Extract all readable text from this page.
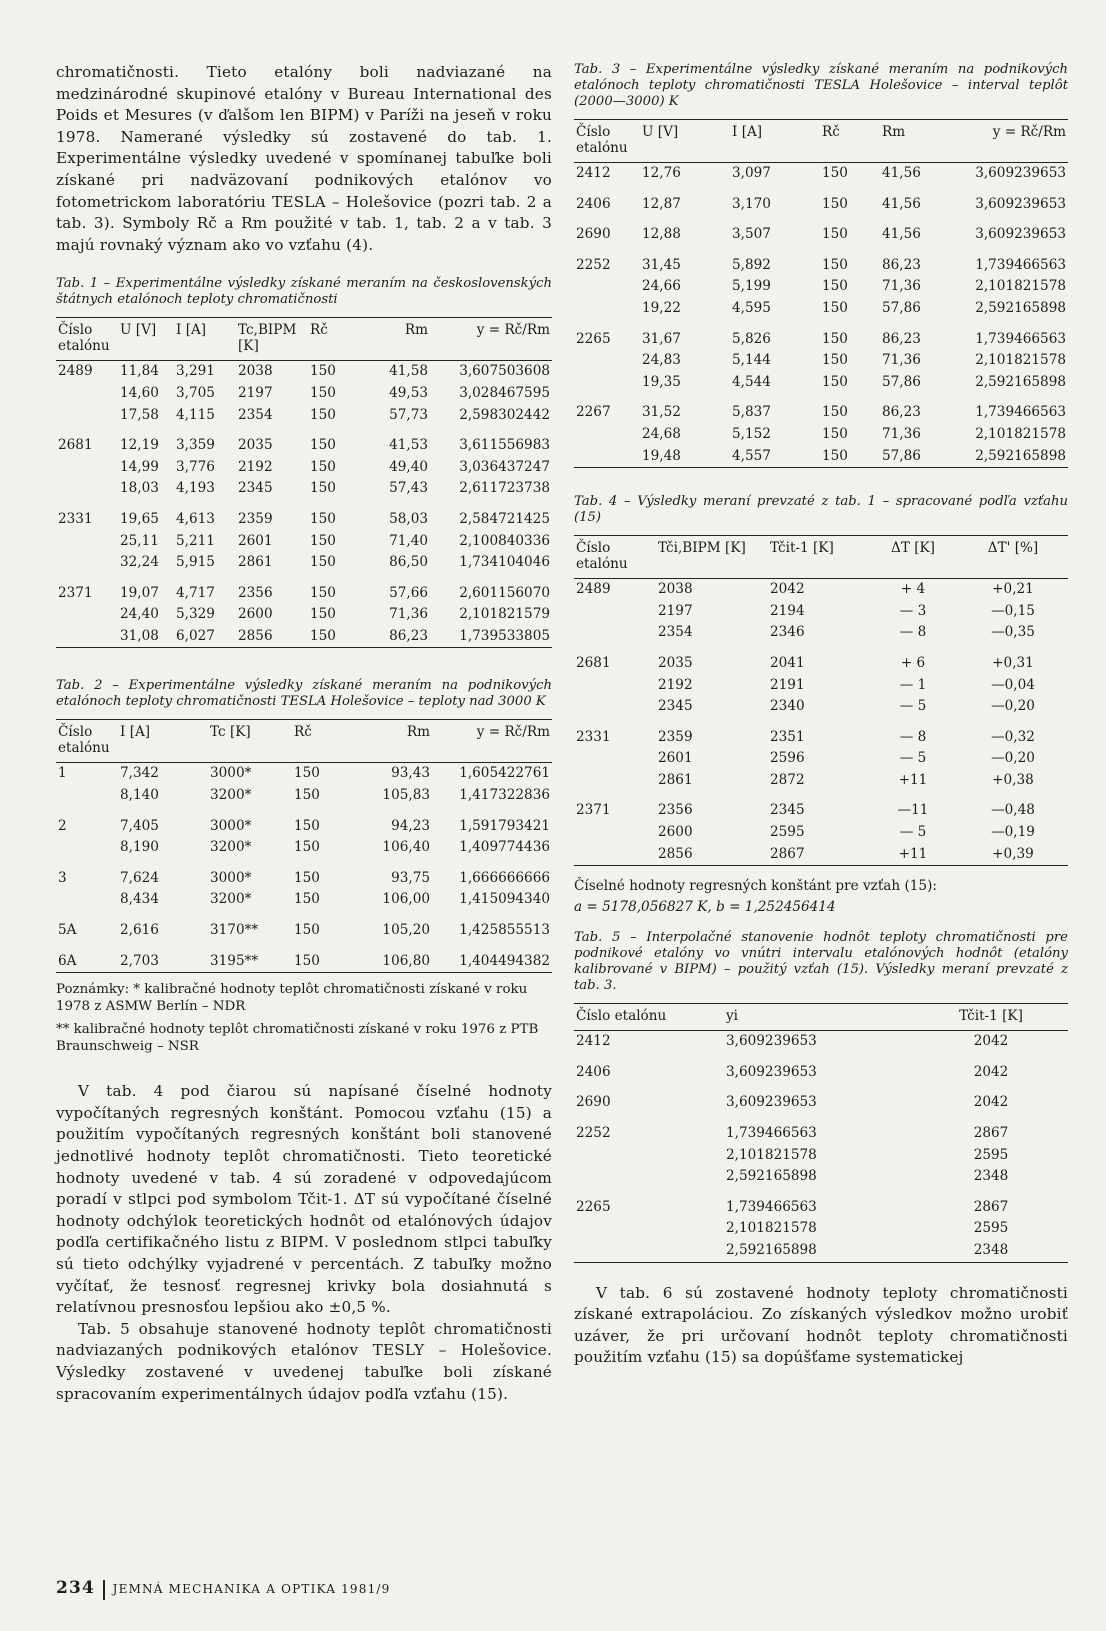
chromatičnosti. Tieto etalóny boli nadviazané na medzinárodné skupinové etalóny v Bureau International des Poids et Mesures (v ďalšom len BIPM) v Paríži na jeseň v roku 1978. Namerané výsledky sú zostavené do tab. 1. Experimentálne výsledky uvedené v spomínanej tabuľke boli získané pri nadväzovaní podnikových etalónov vo fotometrickom laboratóriu TESLA – Holešovice (pozri tab. 2 a tab. 3). Symboly Rč a Rm použité v tab. 1, tab. 2 a v tab. 3 majú rovnaký význam ako vo vzťahu (4).

Tab. 1 – Experimentálne výsledky získané meraním na československých štátnych etalónoch teploty chromatičnosti

Číslo etalónu	U [V]	I [A]	Tc,BIPM [K]	Rč	Rm	y = Rč/Rm
2489	11,84	3,291	2038	150	41,58	3,607503608
	14,60	3,705	2197	150	49,53	3,028467595
	17,58	4,115	2354	150	57,73	2,598302442
2681	12,19	3,359	2035	150	41,53	3,611556983
	14,99	3,776	2192	150	49,40	3,036437247
	18,03	4,193	2345	150	57,43	2,611723738
2331	19,65	4,613	2359	150	58,03	2,584721425
	25,11	5,211	2601	150	71,40	2,100840336
	32,24	5,915	2861	150	86,50	1,734104046
2371	19,07	4,717	2356	150	57,66	2,601156070
	24,40	5,329	2600	150	71,36	2,101821579
	31,08	6,027	2856	150	86,23	1,739533805

Tab. 2 – Experimentálne výsledky získané meraním na podnikových etalónoch teploty chromatičnosti TESLA Holešovice – teploty nad 3000 K

Číslo etalónu	I [A]	Tc [K]	Rč	Rm	y = Rč/Rm
1	7,342	3000*	150	93,43	1,605422761
	8,140	3200*	150	105,83	1,417322836
2	7,405	3000*	150	94,23	1,591793421
	8,190	3200*	150	106,40	1,409774436
3	7,624	3000*	150	93,75	1,666666666
	8,434	3200*	150	106,00	1,415094340
5A	2,616	3170**	150	105,20	1,425855513
6A	2,703	3195**	150	106,80	1,404494382

Poznámky: * kalibračné hodnoty teplôt chromatičnosti získané v roku 1978 z ASMW Berlín – NDR

** kalibračné hodnoty teplôt chromatičnosti získané v roku 1976 z PTB Braunschweig – NSR

V tab. 4 pod čiarou sú napísané číselné hodnoty vypočítaných regresných konštánt. Pomocou vzťahu (15) a použitím vypočítaných regresných konštánt boli stanovené jednotlivé hodnoty teplôt chromatičnosti. Tieto teoretické hodnoty uvedené v tab. 4 sú zoradené v odpovedajúcom poradí v stlpci pod symbolom Tčit-1. ΔT sú vypočítané číselné hodnoty odchýlok teoretických hodnôt od etalónových údajov podľa certifikačného listu z BIPM. V poslednom stlpci tabuľky sú tieto odchýlky vyjadrené v percentách. Z tabuľky možno vyčítať, že tesnosť regresnej krivky bola dosiahnutá s relatívnou presnosťou lepšiou ako ±0,5 %.

Tab. 5 obsahuje stanovené hodnoty teplôt chromatičnosti nadviazaných podnikových etalónov TESLY – Holešovice. Výsledky zostavené v uvedenej tabuľke boli získané spracovaním experimentálnych údajov podľa vzťahu (15).

Tab. 3 – Experimentálne výsledky získané meraním na podnikových etalónoch teploty chromatičnosti TESLA Holešovice – interval teplôt (2000—3000) K

Číslo etalónu	U [V]	I [A]	Rč	Rm	y = Rč/Rm
2412	12,76	3,097	150	41,56	3,609239653
2406	12,87	3,170	150	41,56	3,609239653
2690	12,88	3,507	150	41,56	3,609239653
2252	31,45	5,892	150	86,23	1,739466563
	24,66	5,199	150	71,36	2,101821578
	19,22	4,595	150	57,86	2,592165898
2265	31,67	5,826	150	86,23	1,739466563
	24,83	5,144	150	71,36	2,101821578
	19,35	4,544	150	57,86	2,592165898
2267	31,52	5,837	150	86,23	1,739466563
	24,68	5,152	150	71,36	2,101821578
	19,48	4,557	150	57,86	2,592165898

Tab. 4 – Výsledky meraní prevzaté z tab. 1 – spracované podľa vzťahu (15)

Číslo etalónu	Tči,BIPM [K]	Tčit-1 [K]	ΔT [K]	ΔT' [%]
2489	2038	2042	+ 4	+0,21
	2197	2194	— 3	—0,15
	2354	2346	— 8	—0,35
2681	2035	2041	+ 6	+0,31
	2192	2191	— 1	—0,04
	2345	2340	— 5	—0,20
2331	2359	2351	— 8	—0,32
	2601	2596	— 5	—0,20
	2861	2872	+11	+0,38
2371	2356	2345	—11	—0,48
	2600	2595	— 5	—0,19
	2856	2867	+11	+0,39

Číselné hodnoty regresných konštánt pre vzťah (15):
a = 5178,056827 K, b = 1,252456414

Tab. 5 – Interpolačné stanovenie hodnôt teploty chromatičnosti pre podnikové etalóny vo vnútri intervalu etalónových hodnôt (etalóny kalibrované v BIPM) – použitý vzťah (15). Výsledky meraní prevzaté z tab. 3.

Číslo etalónu	yi	Tčit-1 [K]
2412	3,609239653	2042
2406	3,609239653	2042
2690	3,609239653	2042
2252	1,739466563	2867
	2,101821578	2595
	2,592165898	2348
2265	1,739466563	2867
	2,101821578	2595
	2,592165898	2348

V tab. 6 sú zostavené hodnoty teploty chromatičnosti získané extrapoláciou. Zo získaných výsledkov možno urobiť uzáver, že pri určovaní hodnôt teploty chromatičnosti použitím vzťahu (15) sa dopúšťame systematickej

234 JEMNÁ MECHANIKA A OPTIKA 1981/9
